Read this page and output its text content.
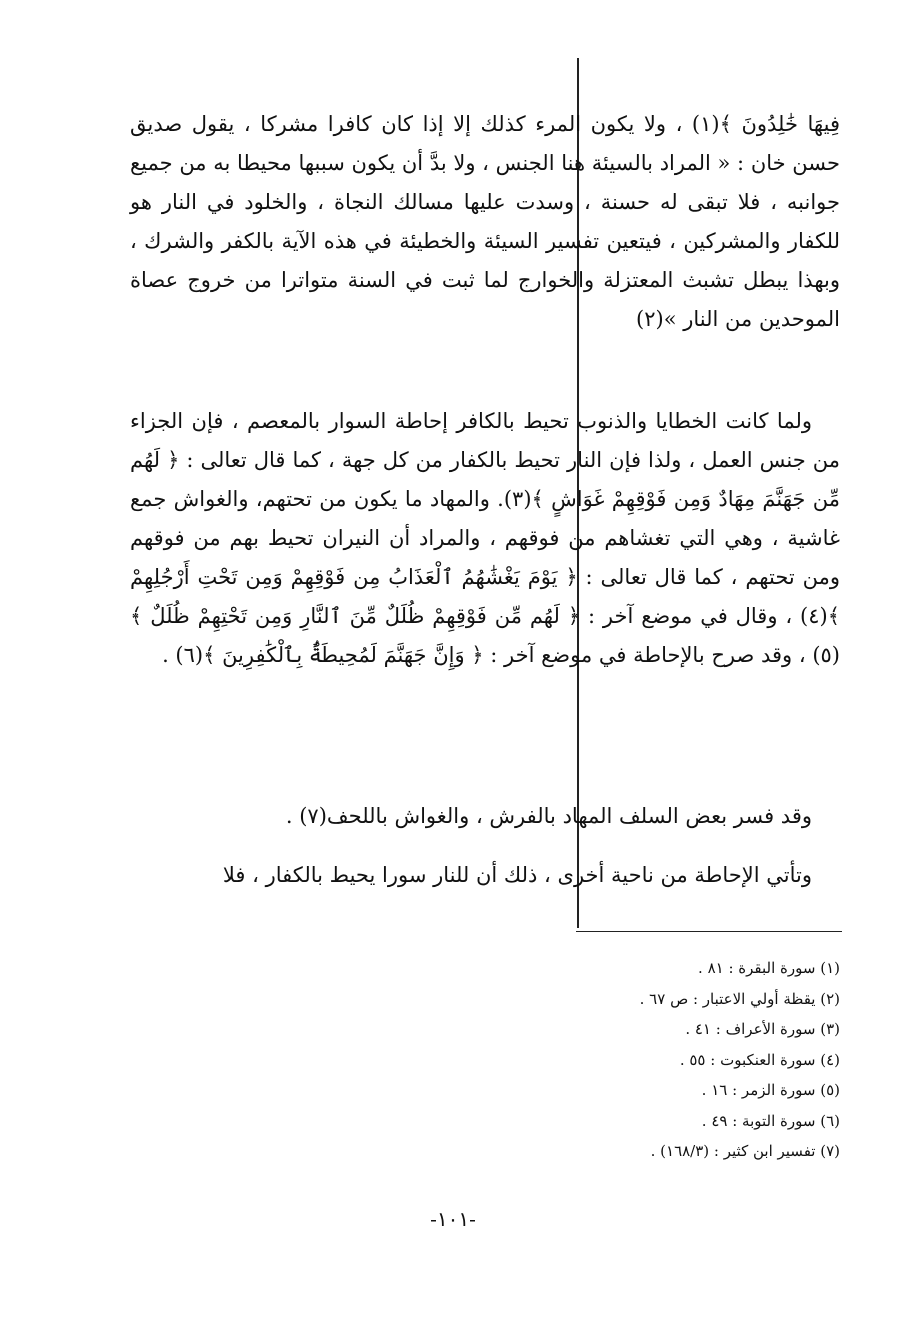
فِيهَا خَٰلِدُونَ ﴾(١) ، ولا يكون المرء كذلك إلا إذا كان كافرا مشركا ، يقول صديق حسن خان : « المراد بالسيئة هنا الجنس ، ولا بدَّ أن يكون سببها محيطا به من جميع جوانبه ، فلا تبقى له حسنة ، وسدت عليها مسالك النجاة ، والخلود في النار هو للكفار والمشركين ، فيتعين تفسير السيئة والخطيئة في هذه الآية بالكفر والشرك ، وبهذا يبطل تشبث المعتزلة والخوارج لما ثبت في السنة متواترا من خروج عصاة الموحدين من النار »(٢)

ولما كانت الخطايا والذنوب تحيط بالكافر إحاطة السوار بالمعصم ، فإن الجزاء من جنس العمل ، ولذا فإن النار تحيط بالكفار من كل جهة ، كما قال تعالى : ﴿ لَهُم مِّن جَهَنَّمَ مِهَادٌ وَمِن فَوْقِهِمْ غَوَاشٍ ﴾(٣). والمهاد ما يكون من تحتهم، والغواش جمع غاشية ، وهي التي تغشاهم من فوقهم ، والمراد أن النيران تحيط بهم من فوقهم ومن تحتهم ، كما قال تعالى : ﴿ يَوْمَ يَغْشَٰهُمُ ٱلْعَذَابُ مِن فَوْقِهِمْ وَمِن تَحْتِ أَرْجُلِهِمْ ﴾(٤) ، وقال في موضع آخر : ﴿ لَهُم مِّن فَوْقِهِمْ ظُلَلٌ مِّنَ ٱلنَّارِ وَمِن تَحْتِهِمْ ظُلَلٌ ﴾(٥) ، وقد صرح بالإحاطة في موضع آخر : ﴿ وَإِنَّ جَهَنَّمَ لَمُحِيطَةٌۢ بِٱلْكَٰفِرِينَ ﴾(٦) .

وقد فسر بعض السلف المهاد بالفرش ، والغواش باللحف(٧) .

وتأتي الإحاطة من ناحية أخرى ، ذلك أن للنار سورا يحيط بالكفار ، فلا

(١) سورة البقرة : ٨١ .
(٢) يقظة أولي الاعتبار : ص ٦٧ .
(٣) سورة الأعراف : ٤١ .
(٤) سورة العنكبوت : ٥٥ .
(٥) سورة الزمر : ١٦ .
(٦) سورة التوبة : ٤٩ .
(٧) تفسير ابن كثير : (١٦٨/٣) .
-١٠١-
